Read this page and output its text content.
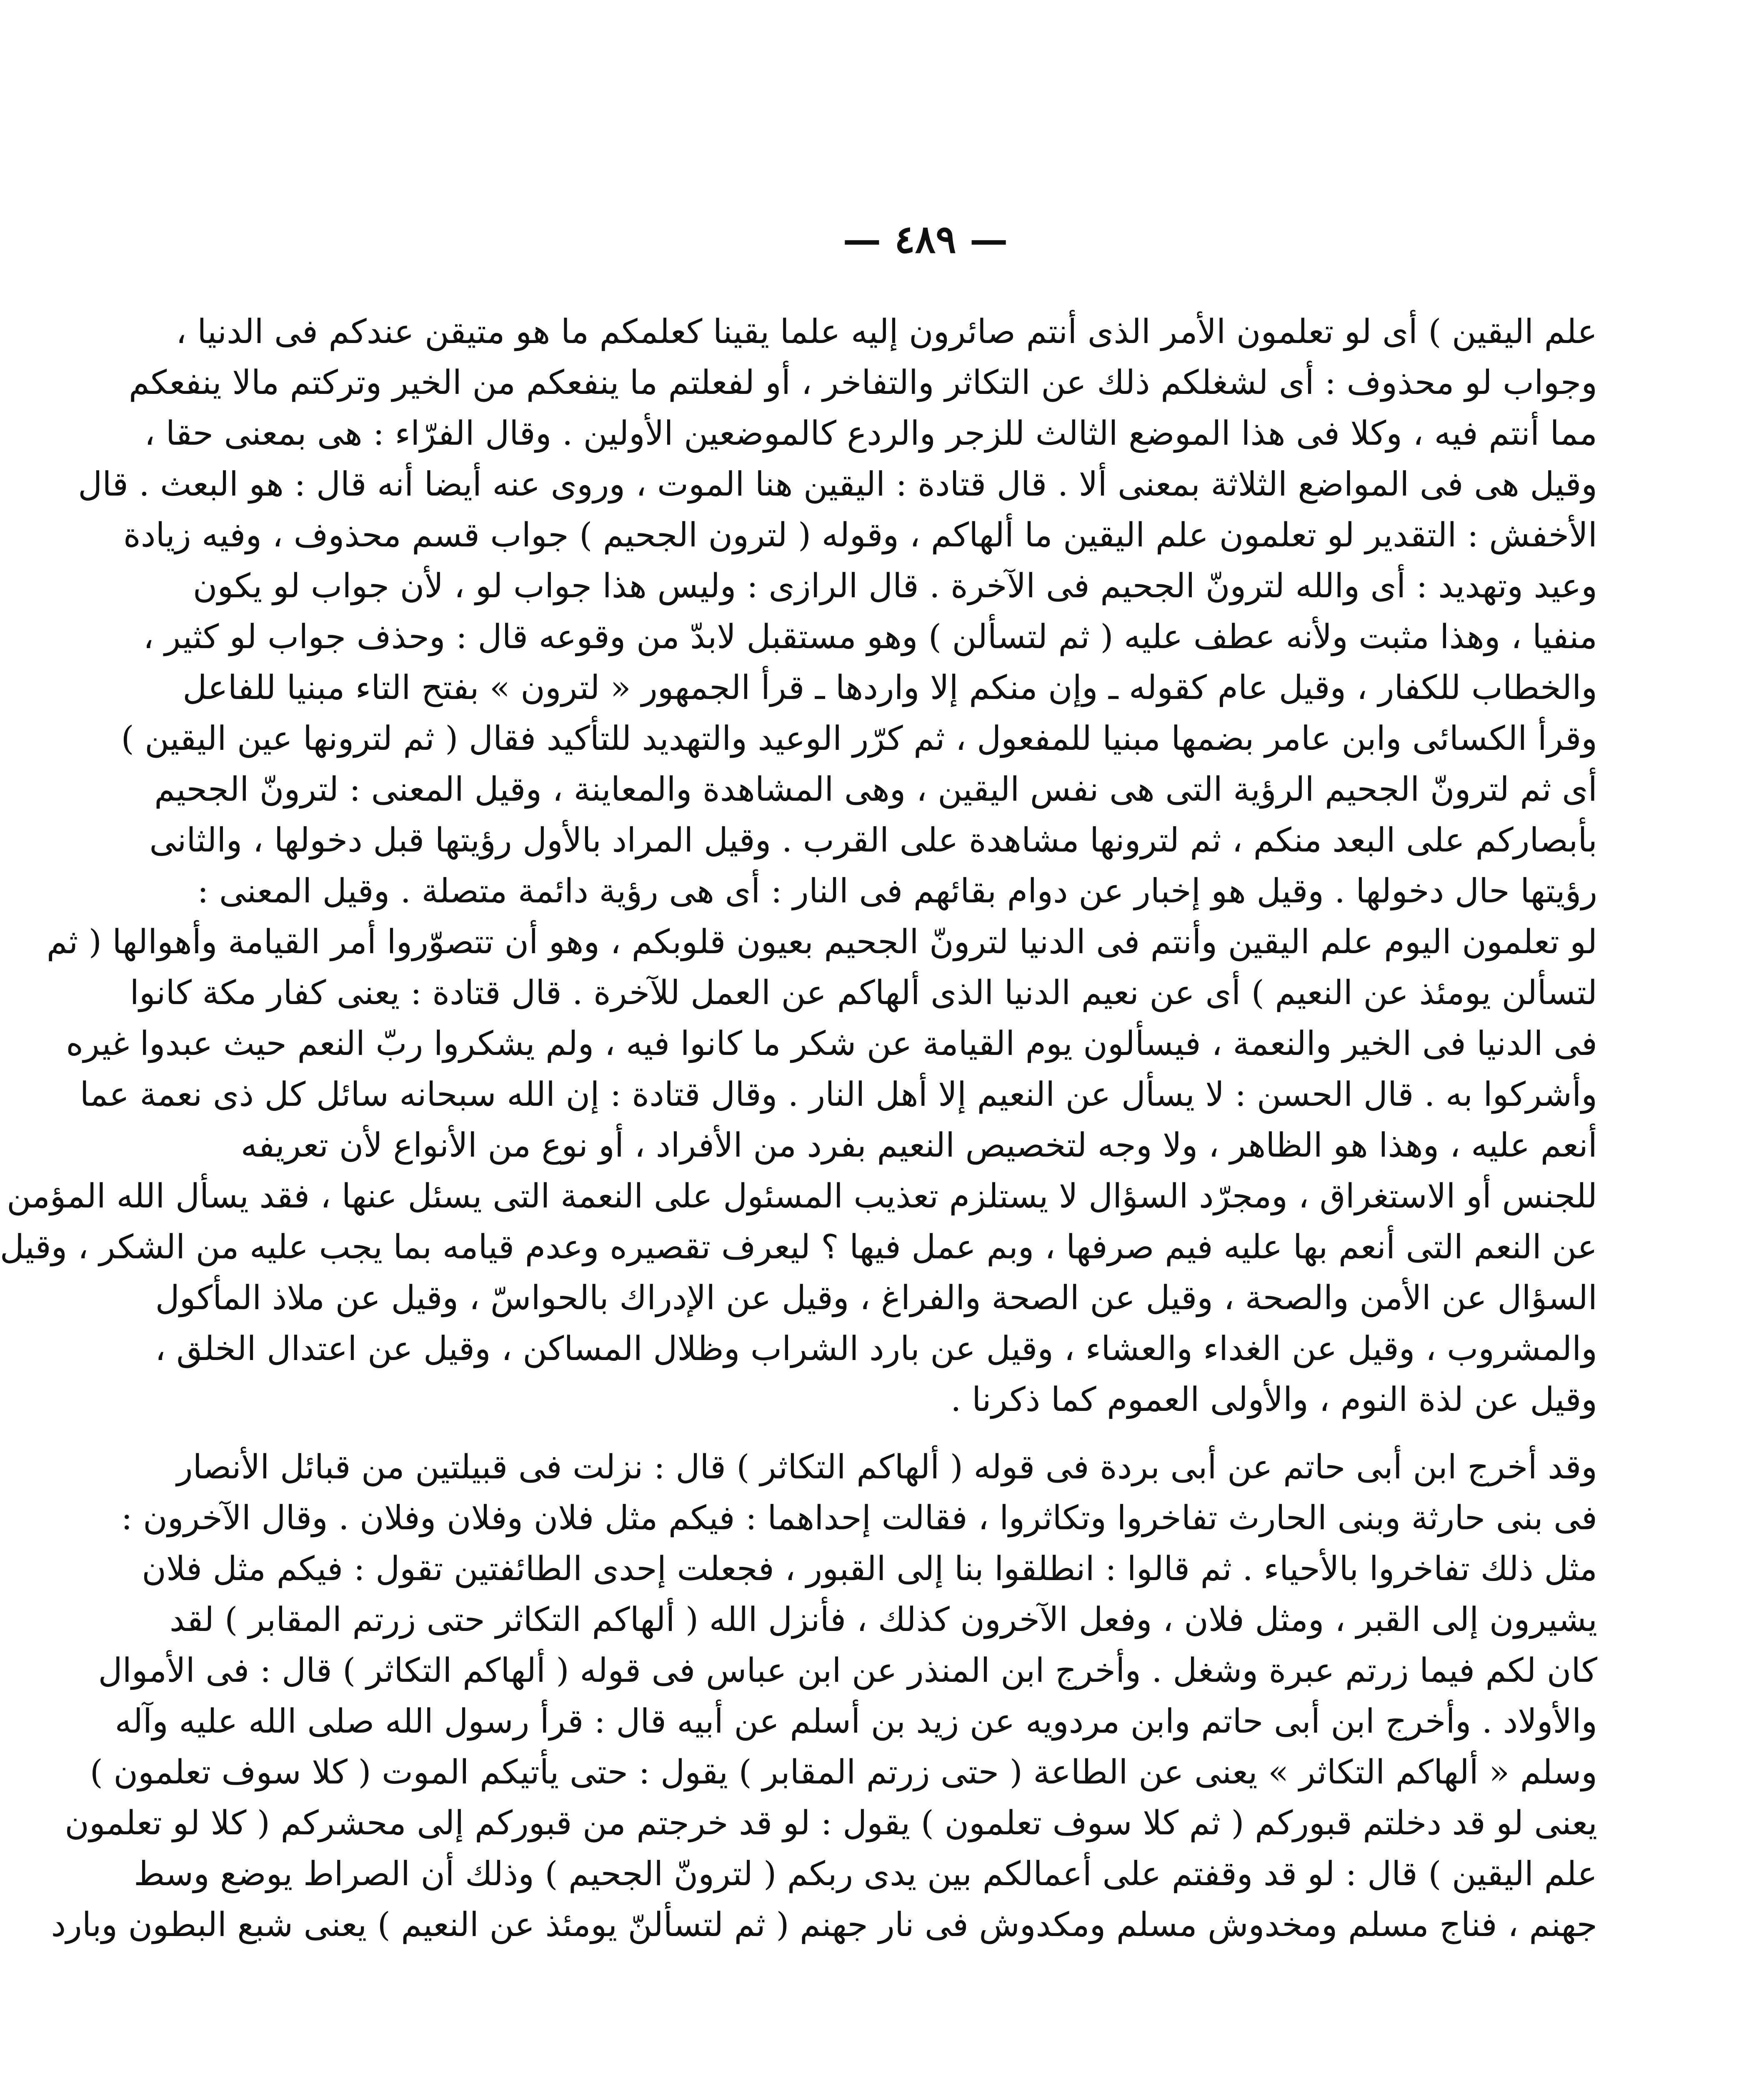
— ٤٨٩ —
علم اليقين ) أى لو تعلمون الأمر الذى أنتم صائرون إليه علما يقينا كعلمكم ما هو متيقن عندكم فى الدنيا ،
وجواب لو محذوف : أى لشغلكم ذلك عن التكاثر والتفاخر ، أو لفعلتم ما ينفعكم من الخير وتركتم مالا ينفعكم
مما أنتم فيه ، وكلا فى هذا الموضع الثالث للزجر والردع كالموضعين الأولين . وقال الفرّاء : هى بمعنى حقا ،
وقيل هى فى المواضع الثلاثة بمعنى ألا . قال قتادة : اليقين هنا الموت ، وروى عنه أيضا أنه قال : هو البعث . قال
الأخفش : التقدير لو تعلمون علم اليقين ما ألهاكم ، وقوله ( لترون الجحيم ) جواب قسم محذوف ، وفيه زيادة
وعيد وتهديد : أى والله لترونّ الجحيم فى الآخرة . قال الرازى : وليس هذا جواب لو ، لأن جواب لو يكون
منفيا ، وهذا مثبت ولأنه عطف عليه ( ثم لتسألن ) وهو مستقبل لابدّ من وقوعه قال : وحذف جواب لو كثير ،
والخطاب للكفار ، وقيل عام كقوله ـ وإن منكم إلا واردها ـ قرأ الجمهور « لترون » بفتح التاء مبنيا للفاعل
وقرأ الكسائى وابن عامر بضمها مبنيا للمفعول ، ثم كرّر الوعيد والتهديد للتأكيد فقال ( ثم لترونها عين اليقين )
أى ثم لترونّ الجحيم الرؤية التى هى نفس اليقين ، وهى المشاهدة والمعاينة ، وقيل المعنى : لترونّ الجحيم
بأبصاركم على البعد منكم ، ثم لترونها مشاهدة على القرب . وقيل المراد بالأول رؤيتها قبل دخولها ، والثانى
رؤيتها حال دخولها . وقيل هو إخبار عن دوام بقائهم فى النار : أى هى رؤية دائمة متصلة . وقيل المعنى :
لو تعلمون اليوم علم اليقين وأنتم فى الدنيا لترونّ الجحيم بعيون قلوبكم ، وهو أن تتصوّروا أمر القيامة وأهوالها ( ثم
لتسألن يومئذ عن النعيم ) أى عن نعيم الدنيا الذى ألهاكم عن العمل للآخرة . قال قتادة : يعنى كفار مكة كانوا
فى الدنيا فى الخير والنعمة ، فيسألون يوم القيامة عن شكر ما كانوا فيه ، ولم يشكروا ربّ النعم حيث عبدوا غيره
وأشركوا به . قال الحسن : لا يسأل عن النعيم إلا أهل النار . وقال قتادة : إن الله سبحانه سائل كل ذى نعمة عما
أنعم عليه ، وهذا هو الظاهر ، ولا وجه لتخصيص النعيم بفرد من الأفراد ، أو نوع من الأنواع لأن تعريفه
للجنس أو الاستغراق ، ومجرّد السؤال لا يستلزم تعذيب المسئول على النعمة التى يسئل عنها ، فقد يسأل الله المؤمن
عن النعم التى أنعم بها عليه فيم صرفها ، وبم عمل فيها ؟ ليعرف تقصيره وعدم قيامه بما يجب عليه من الشكر ، وقيل
السؤال عن الأمن والصحة ، وقيل عن الصحة والفراغ ، وقيل عن الإدراك بالحواسّ ، وقيل عن ملاذ المأكول
والمشروب ، وقيل عن الغداء والعشاء ، وقيل عن بارد الشراب وظلال المساكن ، وقيل عن اعتدال الخلق ،
وقيل عن لذة النوم ، والأولى العموم كما ذكرنا .
وقد أخرج ابن أبى حاتم عن أبى بردة فى قوله ( ألهاكم التكاثر ) قال : نزلت فى قبيلتين من قبائل الأنصار
فى بنى حارثة وبنى الحارث تفاخروا وتكاثروا ، فقالت إحداهما : فيكم مثل فلان وفلان وفلان . وقال الآخرون :
مثل ذلك تفاخروا بالأحياء . ثم قالوا : انطلقوا بنا إلى القبور ، فجعلت إحدى الطائفتين تقول : فيكم مثل فلان
يشيرون إلى القبر ، ومثل فلان ، وفعل الآخرون كذلك ، فأنزل الله ( ألهاكم التكاثر حتى زرتم المقابر ) لقد
كان لكم فيما زرتم عبرة وشغل . وأخرج ابن المنذر عن ابن عباس فى قوله ( ألهاكم التكاثر ) قال : فى الأموال
والأولاد . وأخرج ابن أبى حاتم وابن مردويه عن زيد بن أسلم عن أبيه قال : قرأ رسول الله صلى الله عليه وآله
وسلم « ألهاكم التكاثر » يعنى عن الطاعة ( حتى زرتم المقابر ) يقول : حتى يأتيكم الموت ( كلا سوف تعلمون )
يعنى لو قد دخلتم قبوركم ( ثم كلا سوف تعلمون ) يقول : لو قد خرجتم من قبوركم إلى محشركم ( كلا لو تعلمون
علم اليقين ) قال : لو قد وقفتم على أعمالكم بين يدى ربكم ( لترونّ الجحيم ) وذلك أن الصراط يوضع وسط
جهنم ، فناج مسلم ومخدوش مسلم ومكدوش فى نار جهنم ( ثم لتسألنّ يومئذ عن النعيم ) يعنى شبع البطون وبارد
